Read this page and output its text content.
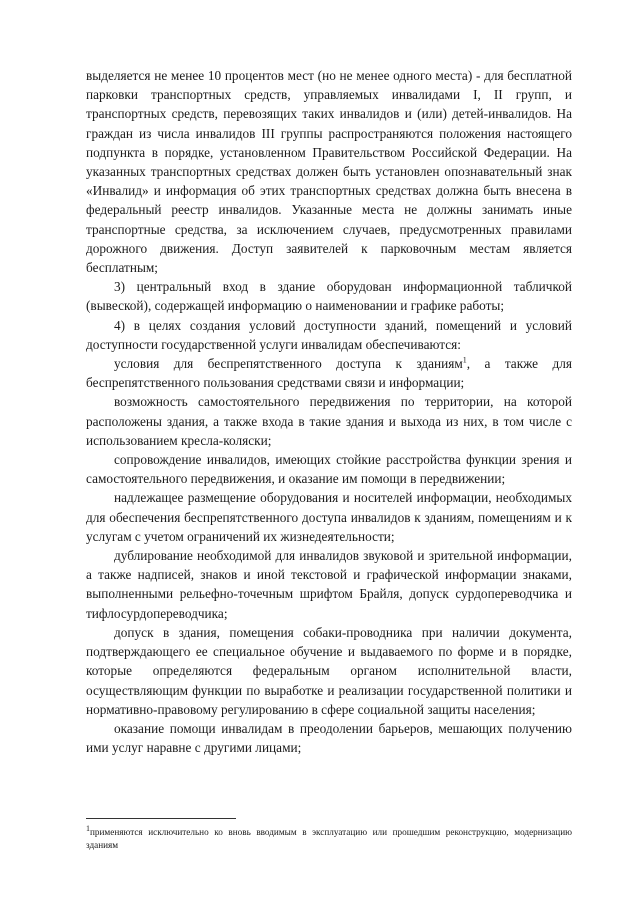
выделяется не менее 10 процентов мест (но не менее одного места) - для бесплатной парковки транспортных средств, управляемых инвалидами I, II групп, и транспортных средств, перевозящих таких инвалидов и (или) детей-инвалидов. На граждан из числа инвалидов III группы распространяются положения настоящего подпункта в порядке, установленном Правительством Российской Федерации. На указанных транспортных средствах должен быть установлен опознавательный знак «Инвалид» и информация об этих транспортных средствах должна быть внесена в федеральный реестр инвалидов. Указанные места не должны занимать иные транспортные средства, за исключением случаев, предусмотренных правилами дорожного движения. Доступ заявителей к парковочным местам является бесплатным;

3) центральный вход в здание оборудован информационной табличкой (вывеской), содержащей информацию о наименовании и графике работы;

4) в целях создания условий доступности зданий, помещений и условий доступности государственной услуги инвалидам обеспечиваются:

условия для беспрепятственного доступа к зданиям$^1$, а также для беспрепятственного пользования средствами связи и информации;

возможность самостоятельного передвижения по территории, на которой расположены здания, а также входа в такие здания и выхода из них, в том числе с использованием кресла-коляски;

сопровождение инвалидов, имеющих стойкие расстройства функции зрения и самостоятельного передвижения, и оказание им помощи в передвижении;

надлежащее размещение оборудования и носителей информации, необходимых для обеспечения беспрепятственного доступа инвалидов к зданиям, помещениям и к услугам с учетом ограничений их жизнедеятельности;

дублирование необходимой для инвалидов звуковой и зрительной информации, а также надписей, знаков и иной текстовой и графической информации знаками, выполненными рельефно-точечным шрифтом Брайля, допуск сурдопереводчика и тифлосурдопереводчика;

допуск в здания, помещения собаки-проводника при наличии документа, подтверждающего ее специальное обучение и выдаваемого по форме и в порядке, которые определяются федеральным органом исполнительной власти, осуществляющим функции по выработке и реализации государственной политики и нормативно-правовому регулированию в сфере социальной защиты населения;

оказание помощи инвалидам в преодолении барьеров, мешающих получению ими услуг наравне с другими лицами;

$^1$применяются исключительно ко вновь вводимым в эксплуатацию или прошедшим реконструкцию, модернизацию зданиям
